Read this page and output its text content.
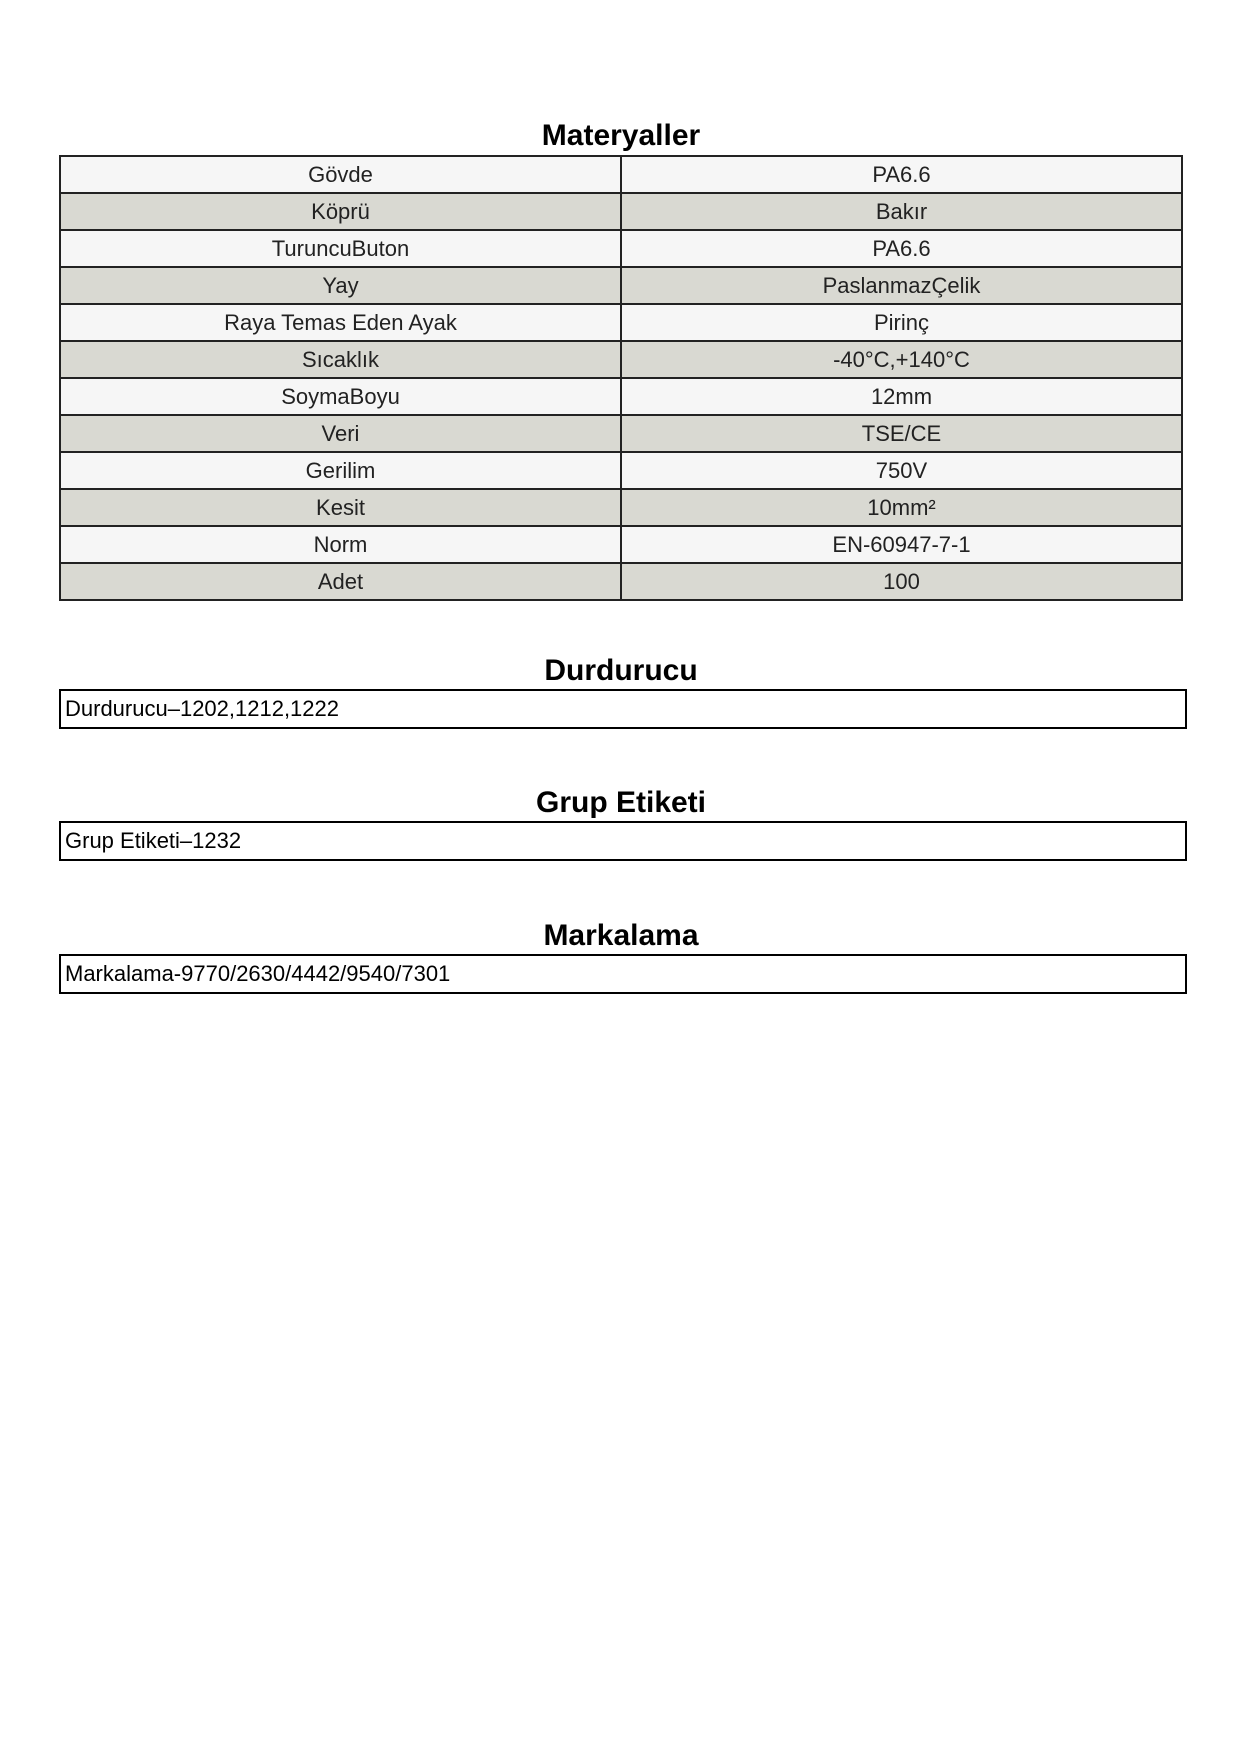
Materyaller
Gövde	PA6.6
Köprü	Bakır
TuruncuButon	PA6.6
Yay	PaslanmazÇelik
Raya Temas Eden Ayak	Pirinç
Sıcaklık	-40°C,+140°C
SoymaBoyu	12mm
Veri	TSE/CE
Gerilim	750V
Kesit	10mm²
Norm	EN-60947-7-1
Adet	100
Durdurucu
Durdurucu–1202,1212,1222
Grup Etiketi
Grup Etiketi–1232
Markalama
Markalama-9770/2630/4442/9540/7301
